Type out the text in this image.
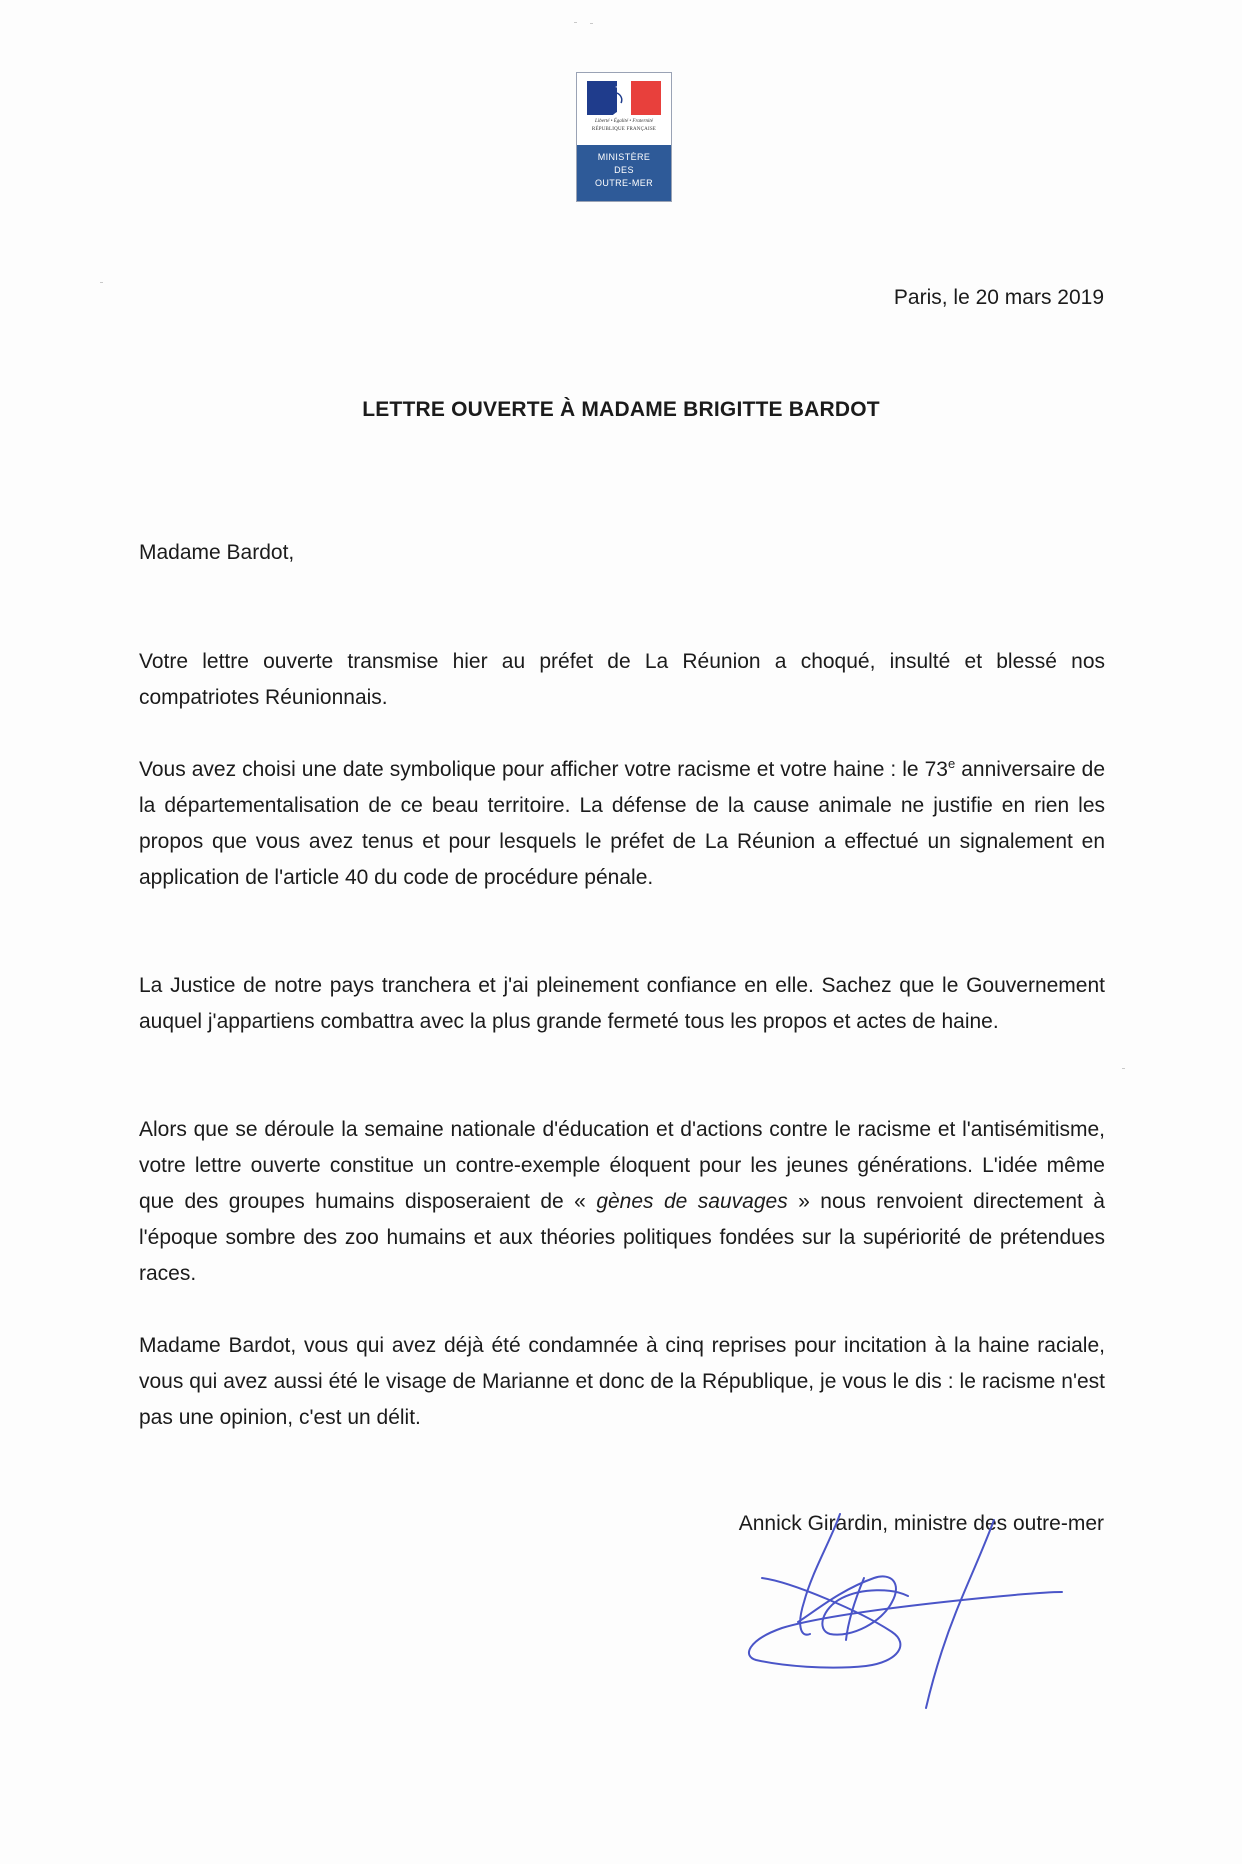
Liberté • Égalité • Fraternité
RÉPUBLIQUE FRANÇAISE
MINISTÈRE
DES
OUTRE-MER
Paris, le 20 mars 2019
LETTRE OUVERTE À MADAME BRIGITTE BARDOT
Madame Bardot,

Votre lettre ouverte transmise hier au préfet de La Réunion a choqué, insulté et blessé nos compatriotes Réunionnais.

Vous avez choisi une date symbolique pour afficher votre racisme et votre haine : le 73e anniversaire de la départementalisation de ce beau territoire. La défense de la cause animale ne justifie en rien les propos que vous avez tenus et pour lesquels le préfet de La Réunion a effectué un signalement en application de l'article 40 du code de procédure pénale.

La Justice de notre pays tranchera et j'ai pleinement confiance en elle. Sachez que le Gouvernement auquel j'appartiens combattra avec la plus grande fermeté tous les propos et actes de haine.

Alors que se déroule la semaine nationale d'éducation et d'actions contre le racisme et l'antisémitisme, votre lettre ouverte constitue un contre-exemple éloquent pour les jeunes générations. L'idée même que des groupes humains disposeraient de « gènes de sauvages » nous renvoient directement à l'époque sombre des zoo humains et aux théories politiques fondées sur la supériorité de prétendues races.

Madame Bardot, vous qui avez déjà été condamnée à cinq reprises pour incitation à la haine raciale, vous qui avez aussi été le visage de Marianne et donc de la République, je vous le dis : le racisme n'est pas une opinion, c'est un délit.

Annick Girardin, ministre des outre-mer
